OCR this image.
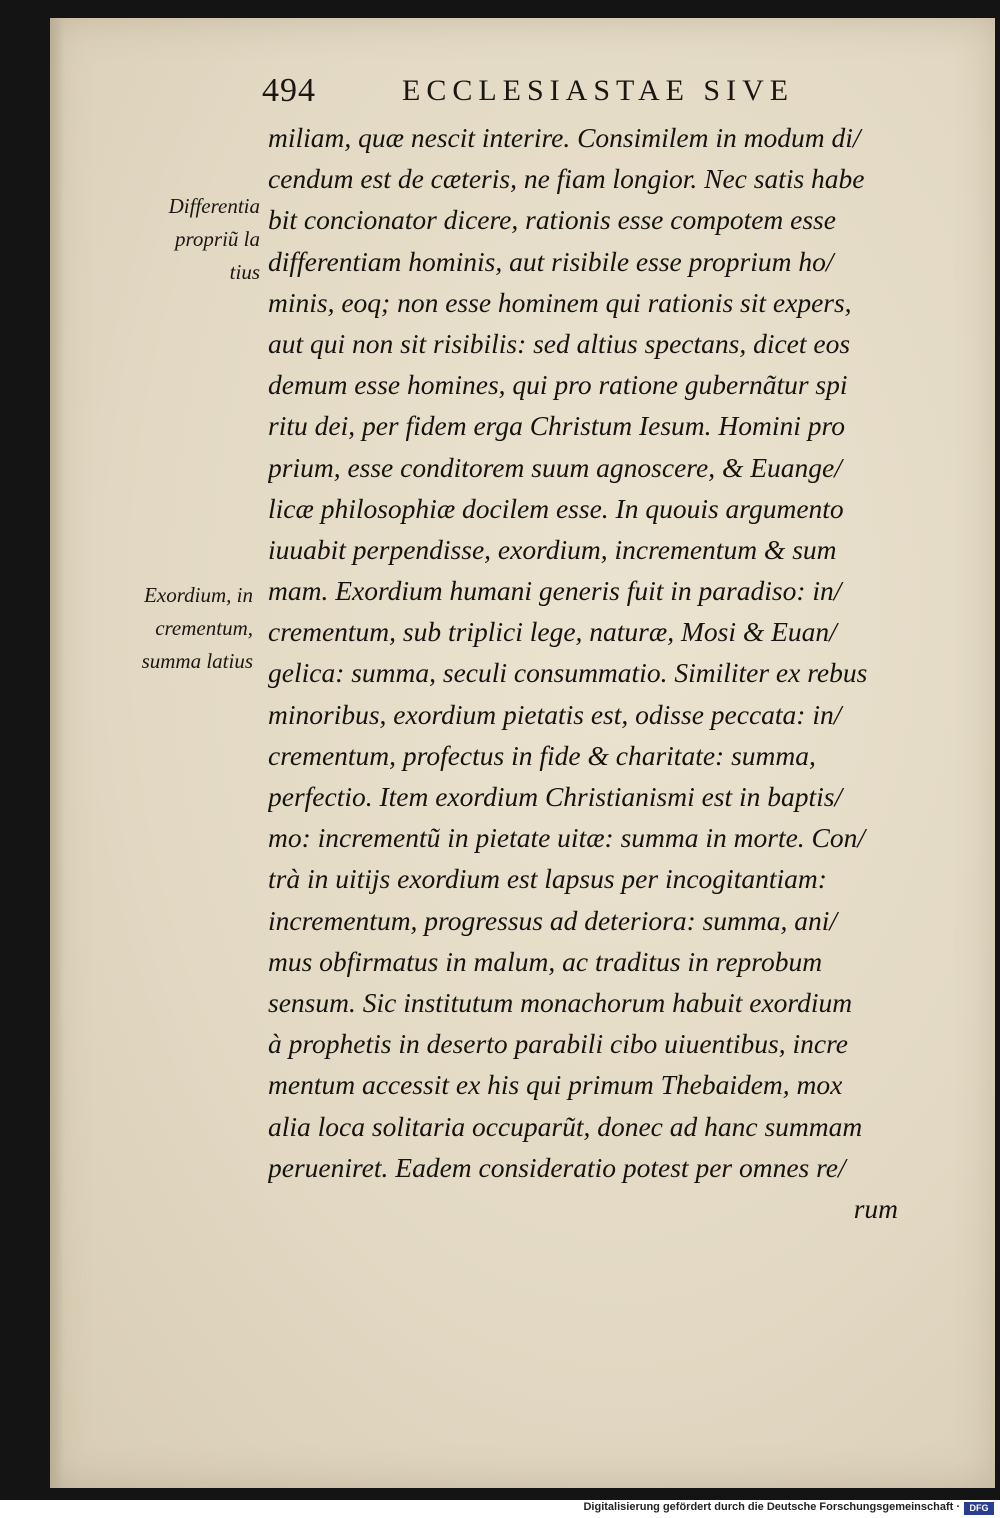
494	ECCLESIASTAE SIVE
Differentia
propriũ la
tius
Exordium, in
crementum,
summa latius
miliam, quæ nescit interire. Consimilem in modum di/
cendum est de cæteris, ne fiam longior. Nec satis habe
bit concionator dicere, rationis esse compotem esse
differentiam hominis, aut risibile esse proprium ho/
minis, eoq; non esse hominem qui rationis sit expers,
aut qui non sit risibilis: sed altius spectans, dicet eos
demum esse homines, qui pro ratione gubernãtur spi
ritu dei, per fidem erga Christum Iesum. Homini pro
prium, esse conditorem suum agnoscere, & Euange/
licæ philosophiæ docilem esse. In quouis argumento
iuuabit perpendisse, exordium, incrementum & sum
mam. Exordium humani generis fuit in paradiso: in/
crementum, sub triplici lege, naturæ, Mosi & Euan/
gelica: summa, seculi consummatio. Similiter ex rebus
minoribus, exordium pietatis est, odisse peccata: in/
crementum, profectus in fide & charitate: summa,
perfectio. Item exordium Christianismi est in baptis/
mo: incrementũ in pietate uitæ: summa in morte. Con/
trà in uitijs exordium est lapsus per incogitantiam:
incrementum, progressus ad deteriora: summa, ani/
mus obfirmatus in malum, ac traditus in reprobum
sensum. Sic institutum monachorum habuit exordium
à prophetis in deserto parabili cibo uiuentibus, incre
mentum accessit ex his qui primum Thebaidem, mox
alia loca solitaria occuparũt, donec ad hanc summam
perueniret. Eadem consideratio potest per omnes re/
rum
Digitalisierung gefördert durch die Deutsche Forschungsgemeinschaft ·	DFG
